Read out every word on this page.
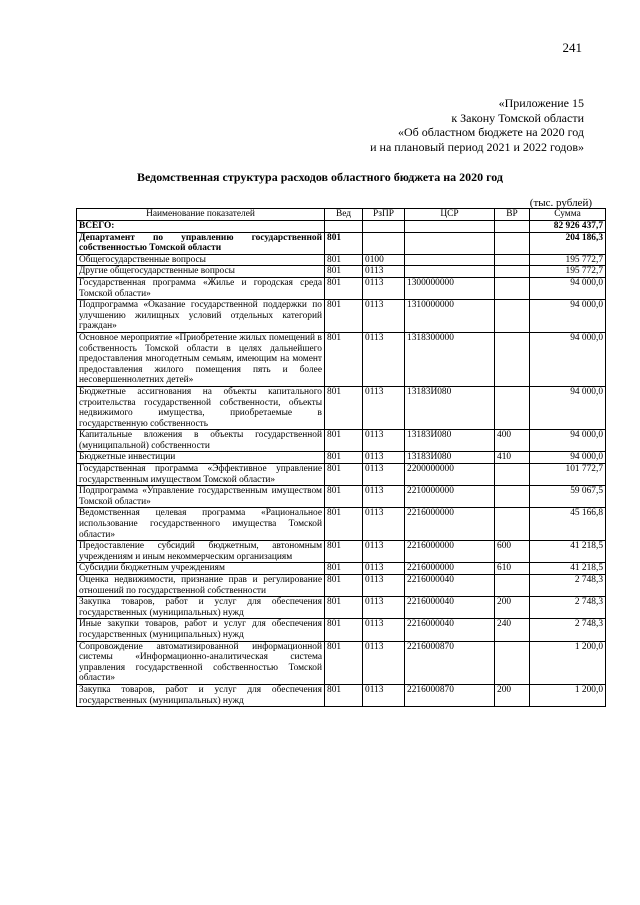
241
«Приложение 15
к Закону Томской области
«Об областном бюджете на 2020 год
и на плановый период 2021 и 2022 годов»
Ведомственная структура расходов областного бюджета на 2020 год
(тыс. рублей)
Наименование показателей	Вед	РзПР	ЦСР	ВР	Сумма
ВСЕГО:					82 926 437,7
Департамент по управлению государственной собственностью Томской области	801				204 186,3
Общегосударственные вопросы	801	0100			195 772,7
Другие общегосударственные вопросы	801	0113			195 772,7
Государственная программа «Жилье и городская среда Томской области»	801	0113	1300000000		94 000,0
Подпрограмма «Оказание государственной поддержки по улучшению жилищных условий отдельных категорий граждан»	801	0113	1310000000		94 000,0
Основное мероприятие «Приобретение жилых помещений в собственность Томской области в целях дальнейшего предоставления многодетным семьям, имеющим на момент предоставления жилого помещения пять и более несовершеннолетних детей»	801	0113	1318300000		94 000,0
Бюджетные ассигнования на объекты капитального строительства государственной собственности, объекты недвижимого имущества, приобретаемые в государственную собственность	801	0113	13183И080		94 000,0
Капитальные вложения в объекты государственной (муниципальной) собственности	801	0113	13183И080	400	94 000,0
Бюджетные инвестиции	801	0113	13183И080	410	94 000,0
Государственная программа «Эффективное управление государственным имуществом Томской области»	801	0113	2200000000		101 772,7
Подпрограмма «Управление государственным имуществом Томской области»	801	0113	2210000000		59 067,5
Ведомственная целевая программа «Рациональное использование государственного имущества Томской области»	801	0113	2216000000		45 166,8
Предоставление субсидий бюджетным, автономным учреждениям и иным некоммерческим организациям	801	0113	2216000000	600	41 218,5
Субсидии бюджетным учреждениям	801	0113	2216000000	610	41 218,5
Оценка недвижимости, признание прав и регулирование отношений по государственной собственности	801	0113	2216000040		2 748,3
Закупка товаров, работ и услуг для обеспечения государственных (муниципальных) нужд	801	0113	2216000040	200	2 748,3
Иные закупки товаров, работ и услуг для обеспечения государственных (муниципальных) нужд	801	0113	2216000040	240	2 748,3
Сопровождение автоматизированной информационной системы «Информационно-аналитическая система управления государственной собственностью Томской области»	801	0113	2216000870		1 200,0
Закупка товаров, работ и услуг для обеспечения государственных (муниципальных) нужд	801	0113	2216000870	200	1 200,0
